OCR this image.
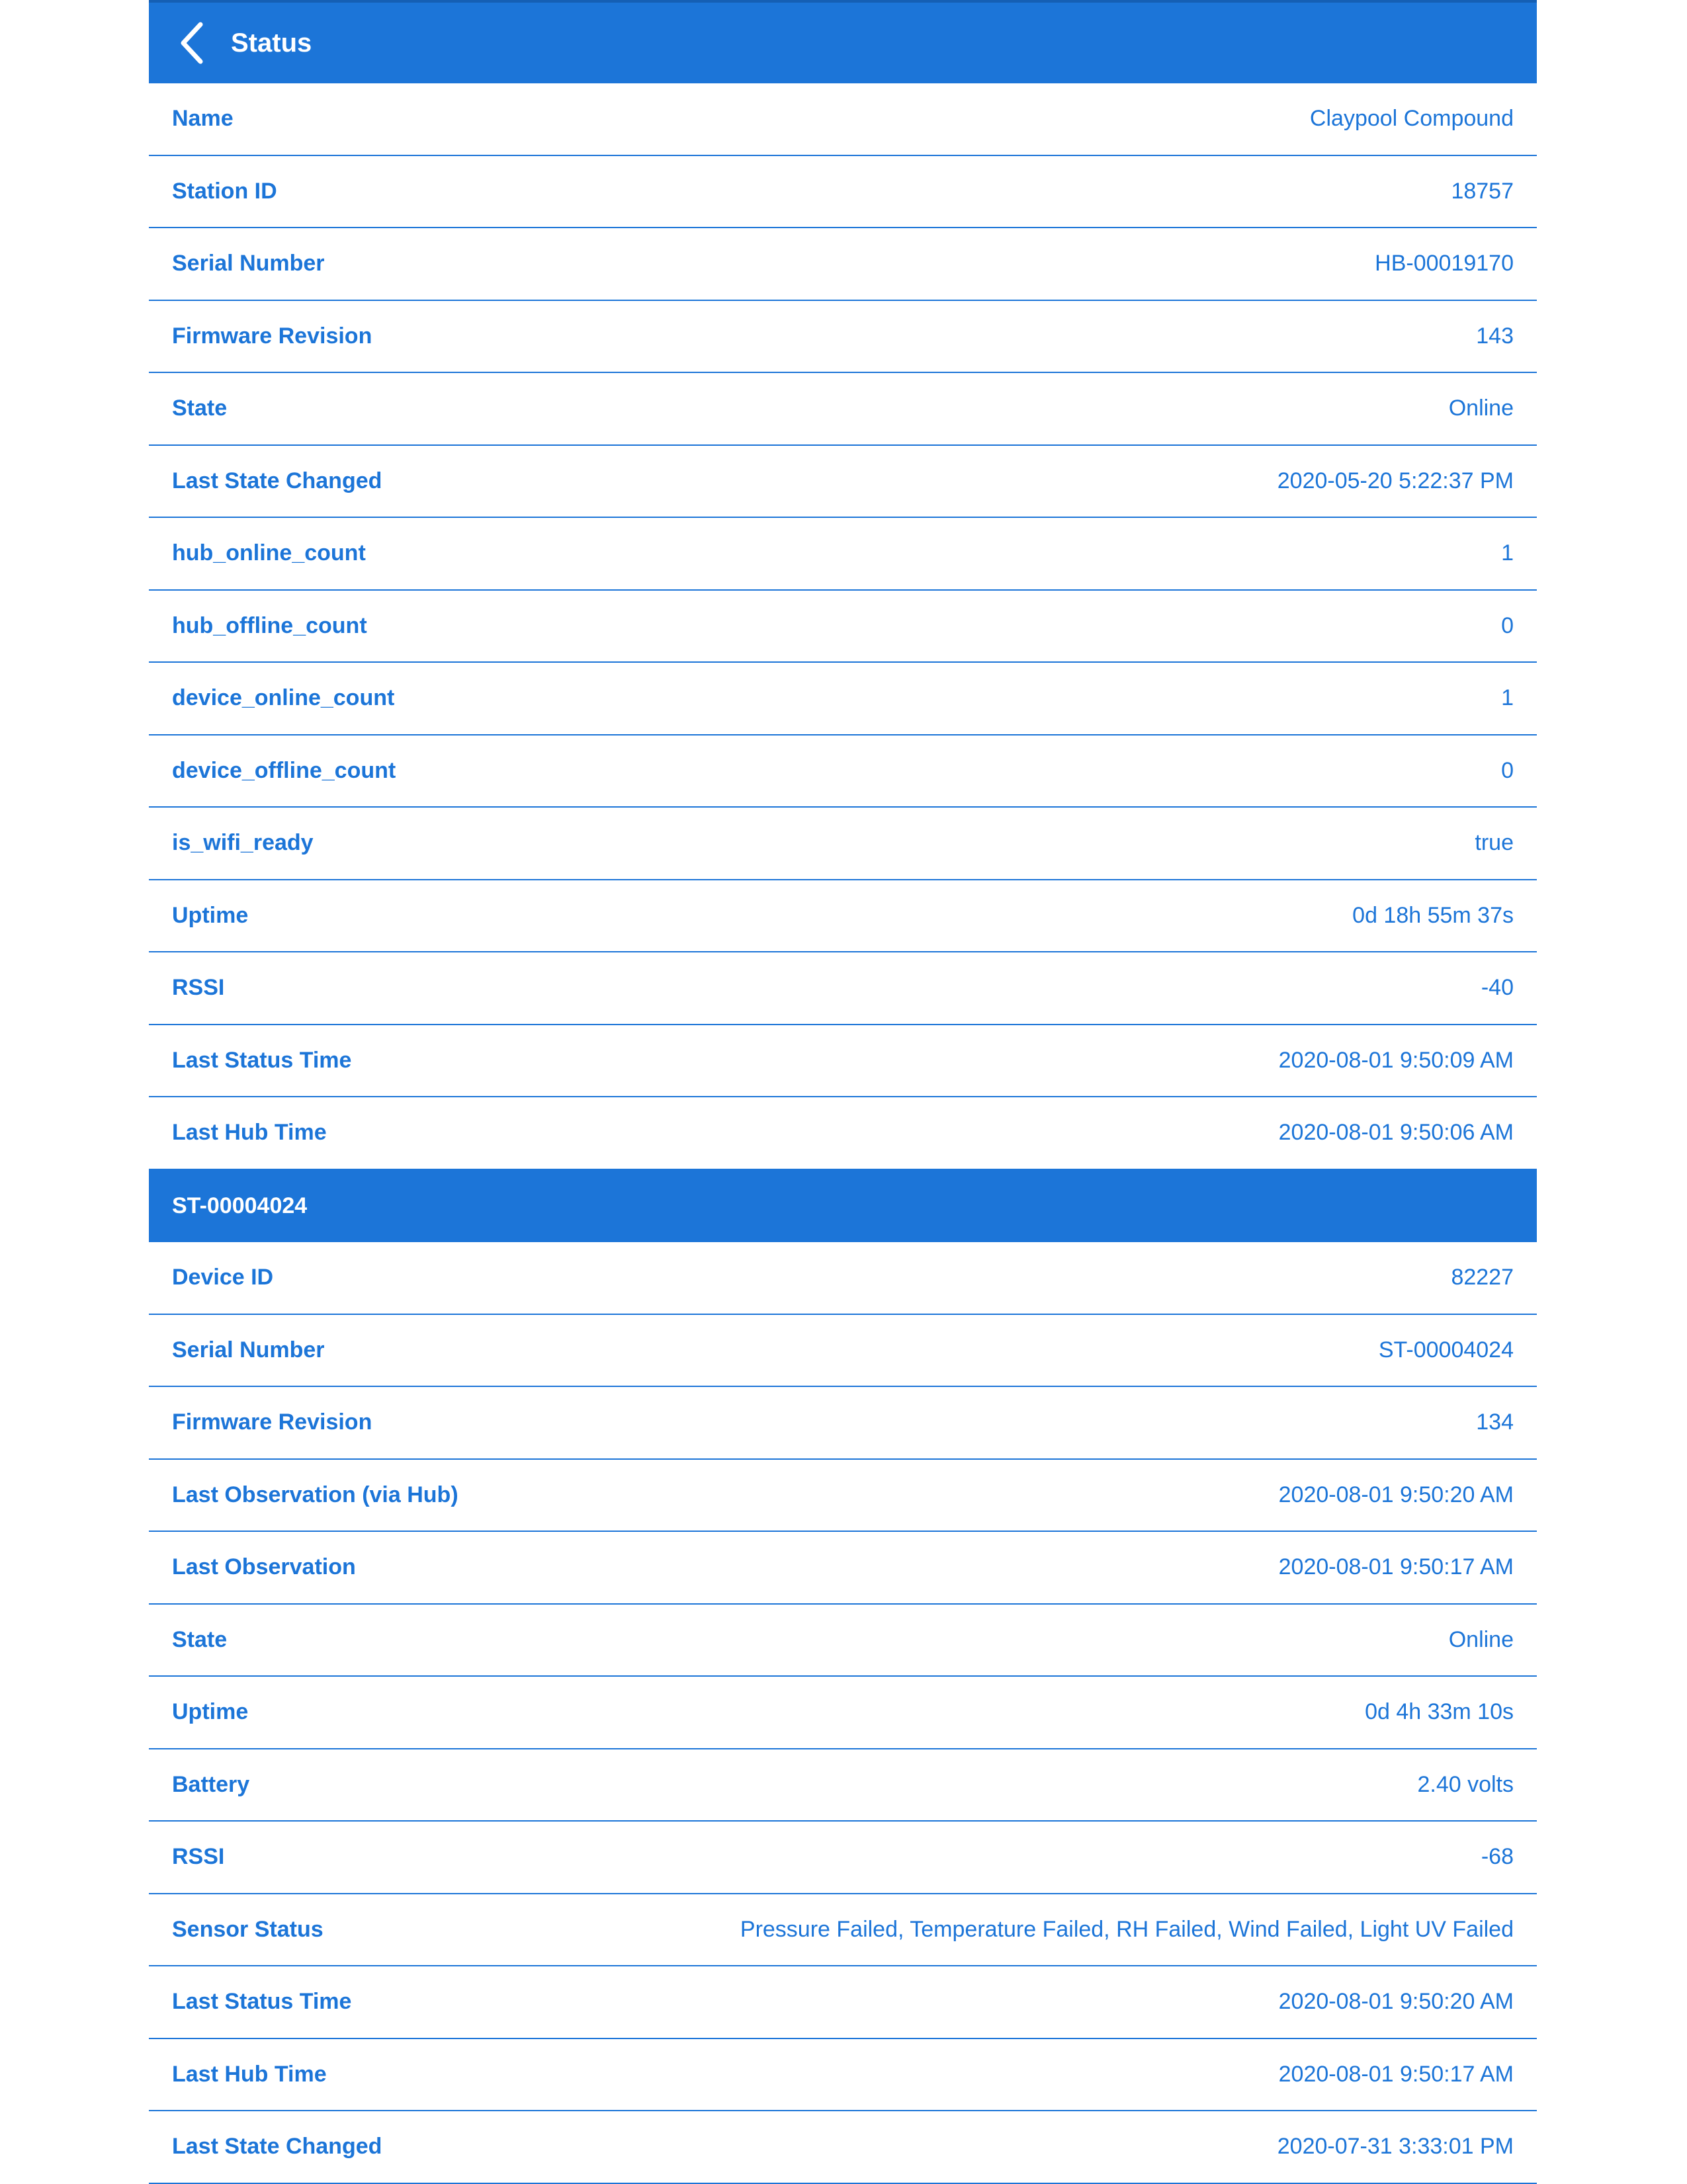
Status
Name	Claypool Compound
Station ID	18757
Serial Number	HB-00019170
Firmware Revision	143
State	Online
Last State Changed	2020-05-20 5:22:37 PM
hub_online_count	1
hub_offline_count	0
device_online_count	1
device_offline_count	0
is_wifi_ready	true
Uptime	0d 18h 55m 37s
RSSI	-40
Last Status Time	2020-08-01 9:50:09 AM
Last Hub Time	2020-08-01 9:50:06 AM
ST-00004024
Device ID	82227
Serial Number	ST-00004024
Firmware Revision	134
Last Observation (via Hub)	2020-08-01 9:50:20 AM
Last Observation	2020-08-01 9:50:17 AM
State	Online
Uptime	0d 4h 33m 10s
Battery	2.40 volts
RSSI	-68
Sensor Status	Pressure Failed, Temperature Failed, RH Failed, Wind Failed, Light UV Failed
Last Status Time	2020-08-01 9:50:20 AM
Last Hub Time	2020-08-01 9:50:17 AM
Last State Changed	2020-07-31 3:33:01 PM
